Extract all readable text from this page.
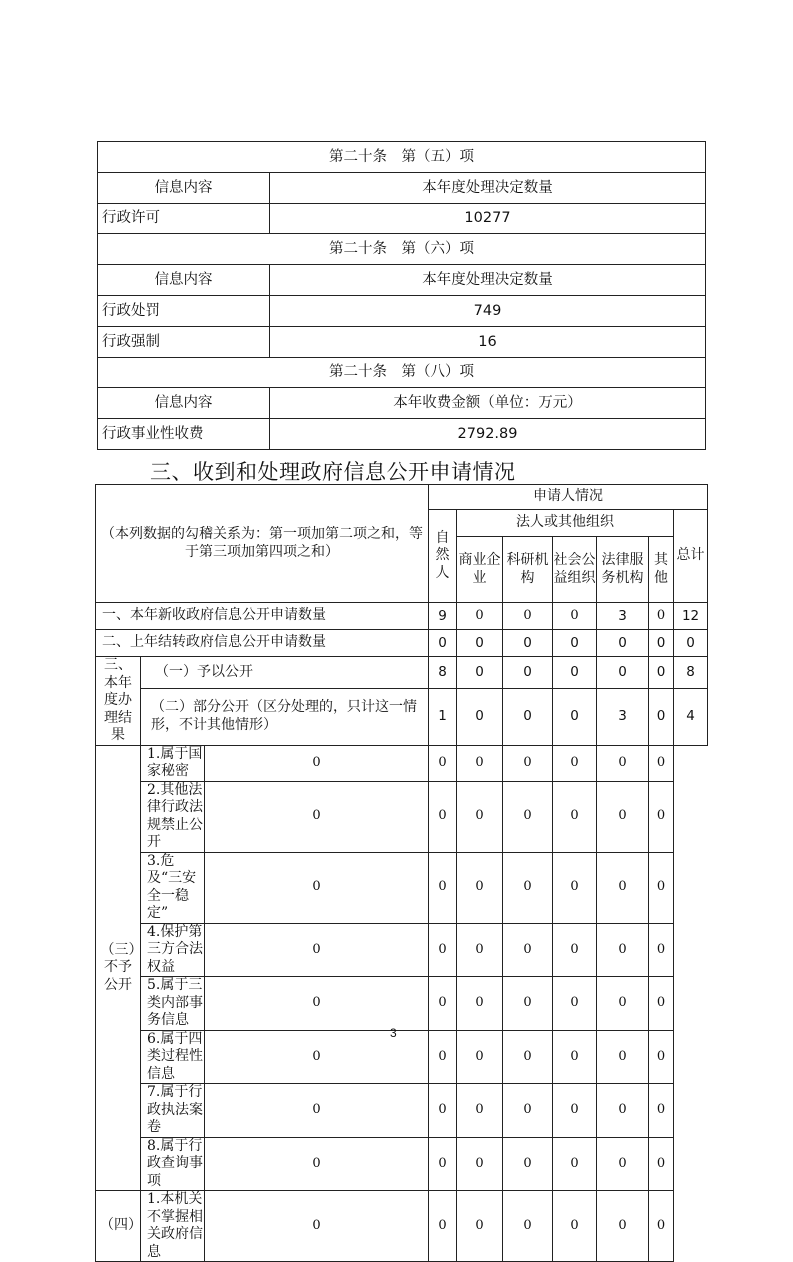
第二十条　第（五）项	
信息内容	本年度处理决定数量
行政许可	10277
第二十条　第（六）项	
信息内容	本年度处理决定数量
行政处罚	749
行政强制	16
第二十条　第（八）项	
信息内容	本年收费金额（单位：万元）
行政事业性收费	2792.89
三、收到和处理政府信息公开申请情况
（本列数据的勾稽关系为：第一项加第二项之和，等于第三项加第四项之和）			申请人情况						
			自然人	法人或其他组织					总计
				商业企业	科研机构	社会公益组织	法律服务机构	其他	
一、本年新收政府信息公开申请数量			9	0	0	0	3	0	12
二、上年结转政府信息公开申请数量			0	0	0	0	0	0	0
三、本年度办理结果	（一）予以公开		8	0	0	0	0	0	8
	（二）部分公开（区分处理的，只计这一情形，不计其他情形）		1	0	0	0	3	0	4
（三）不予公开	1.属于国家秘密	0	0	0	0	0	0	0	
	2.其他法律行政法规禁止公开	0	0	0	0	0	0	0	
	3.危及“三安全一稳定”	0	0	0	0	0	0	0	
	4.保护第三方合法权益	0	0	0	0	0	0	0	
	5.属于三类内部事务信息	0	0	0	0	0	0	0	
	6.属于四类过程性信息	0	0	0	0	0	0	0	
	7.属于行政执法案卷	0	0	0	0	0	0	0	
	8.属于行政查询事项	0	0	0	0	0	0	0	
（四）	1.本机关不掌握相关政府信息	0	0	0	0	0	0	0	
3
